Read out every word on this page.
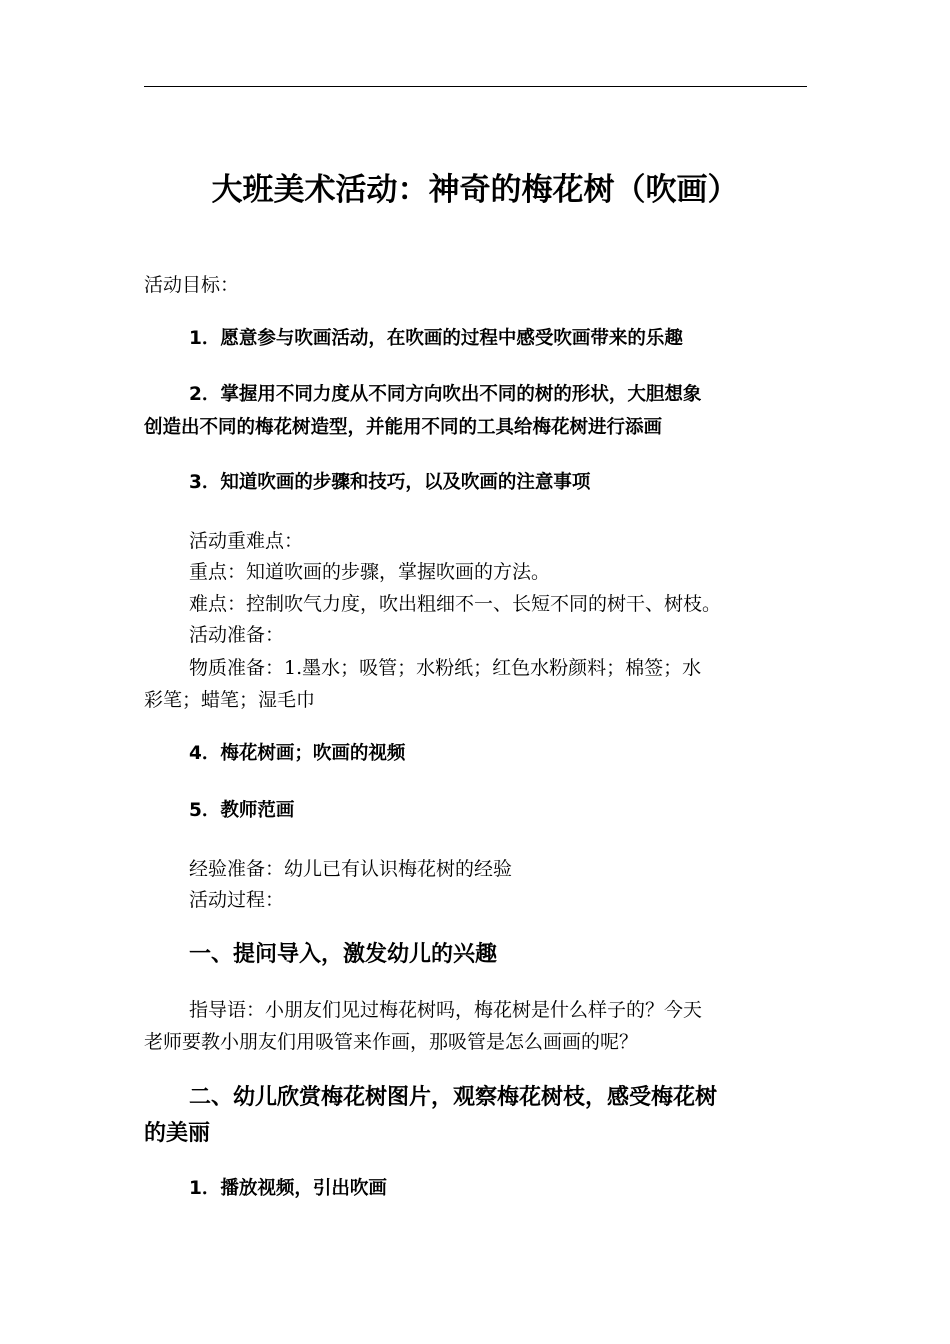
大班美术活动：神奇的梅花树（吹画）
活动目标：
1．愿意参与吹画活动，在吹画的过程中感受吹画带来的乐趣
2．掌握用不同力度从不同方向吹出不同的树的形状，大胆想象
创造出不同的梅花树造型，并能用不同的工具给梅花树进行添画
3．知道吹画的步骤和技巧，以及吹画的注意事项
活动重难点：
重点：知道吹画的步骤，掌握吹画的方法。
难点：控制吹气力度，吹出粗细不一、长短不同的树干、树枝。
活动准备：
物质准备：1.墨水；吸管；水粉纸；红色水粉颜料；棉签；水
彩笔；蜡笔；湿毛巾
4．梅花树画；吹画的视频
5．教师范画
经验准备：幼儿已有认识梅花树的经验
活动过程：
一、提问导入，激发幼儿的兴趣
指导语：小朋友们见过梅花树吗，梅花树是什么样子的？今天
老师要教小朋友们用吸管来作画，那吸管是怎么画画的呢？
二、幼儿欣赏梅花树图片，观察梅花树枝，感受梅花树
的美丽
1．播放视频，引出吹画
